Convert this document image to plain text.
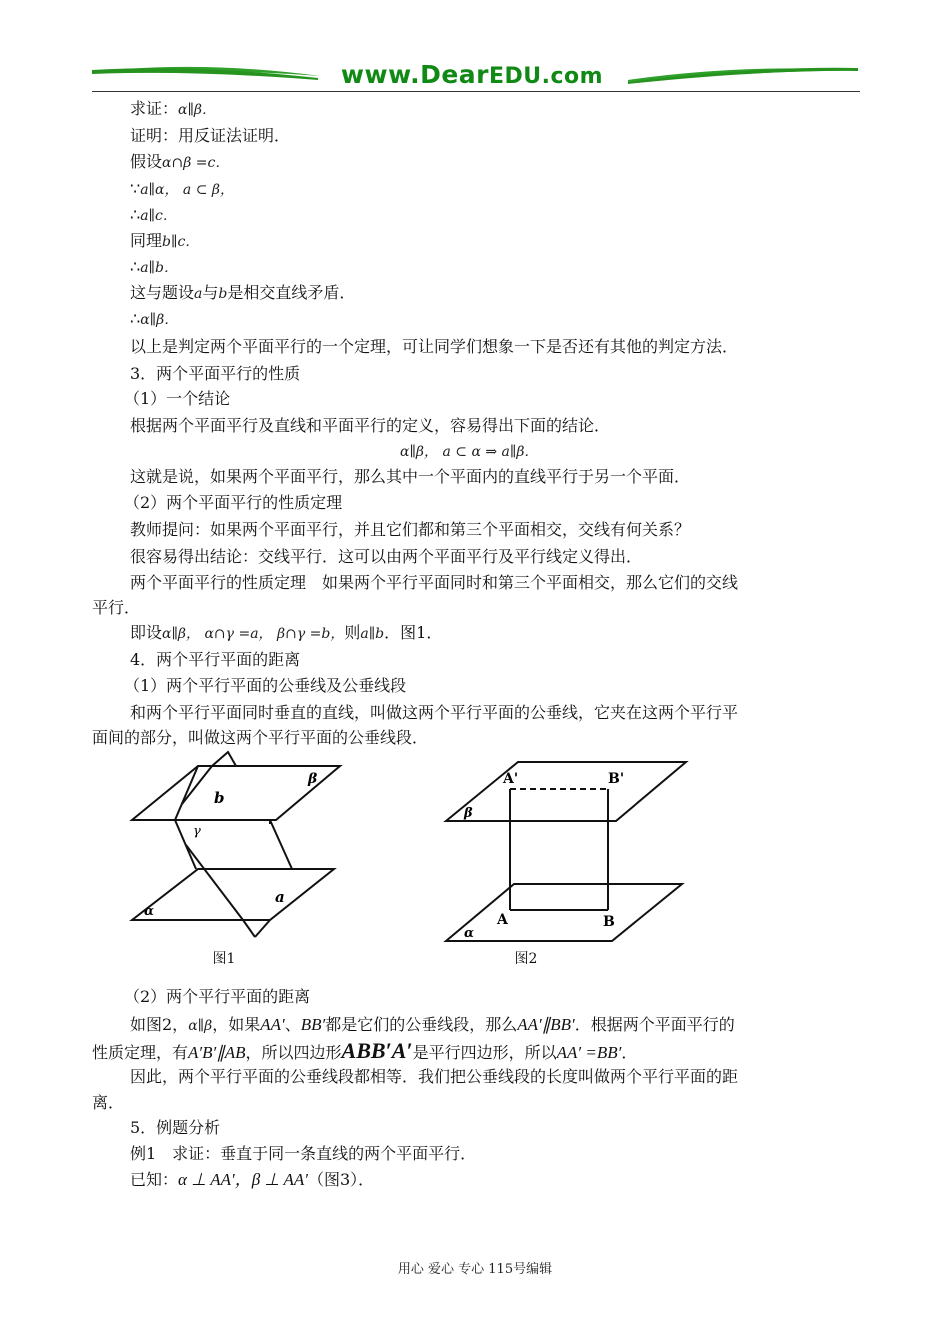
www.DearEDU.com
求证：α∥β．
证明：用反证法证明．
假设α∩β =c．
∵a∥α， a ⊂ β，
∴a∥c．
同理b∥c．
∴a∥b．
这与题设a与b是相交直线矛盾．
∴α∥β．
以上是判定两个平面平行的一个定理，可让同学们想象一下是否还有其他的判定方法．
3．两个平面平行的性质
（1）一个结论
根据两个平面平行及直线和平面平行的定义，容易得出下面的结论．
α∥β， a ⊂ α ⇒ a∥β．
这就是说，如果两个平面平行，那么其中一个平面内的直线平行于另一个平面．
（2）两个平面平行的性质定理
教师提问：如果两个平面平行，并且它们都和第三个平面相交，交线有何关系？
很容易得出结论：交线平行．这可以由两个平面平行及平行线定义得出．
两个平面平行的性质定理　如果两个平行平面同时和第三个平面相交，那么它们的交线
平行．
即设α∥β， α∩γ =a， β∩γ =b，则a∥b．图1．
4．两个平行平面的距离
（1）两个平行平面的公垂线及公垂线段
和两个平行平面同时垂直的直线，叫做这两个平行平面的公垂线，它夹在这两个平行平
面间的部分，叫做这两个平行平面的公垂线段．
β
b
γ
a
α
图1
A'	B'
β
A	B
α
图2
（2）两个平行平面的距离
如图2，α∥β，如果AA′、BB′都是它们的公垂线段，那么AA′∥BB′．根据两个平面平行的
性质定理，有A′B′∥AB，所以四边形ABB′A′是平行四边形，所以AA′ =BB′．
因此，两个平行平面的公垂线段都相等．我们把公垂线段的长度叫做两个平行平面的距
离．
5．例题分析
例1　求证：垂直于同一条直线的两个平面平行．
已知：α ⊥ AA′，β ⊥ AA′（图3）．
用心 爱心 专心 115号编辑
